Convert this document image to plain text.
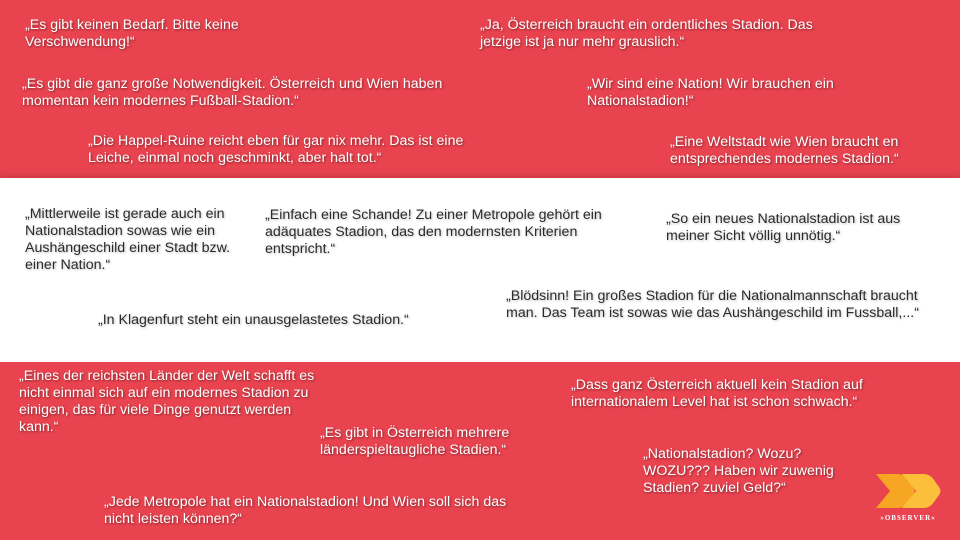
„Es gibt keinen Bedarf. Bitte keine Verschwendung!“
„Ja, Österreich braucht ein ordentliches Stadion. Das jetzige ist ja nur mehr grauslich.“
„Es gibt die ganz große Notwendigkeit. Österreich und Wien haben momentan kein modernes Fußball-Stadion.“
„Wir sind eine Nation! Wir brauchen ein Nationalstadion!“
„Die Happel-Ruine reicht eben für gar nix mehr. Das ist eine Leiche, einmal noch geschminkt, aber halt tot.“
„Eine Weltstadt wie Wien braucht en entsprechendes modernes Stadion.“
„Mittlerweile ist gerade auch ein Nationalstadion sowas wie ein Aushängeschild einer Stadt bzw. einer Nation.“
„Einfach eine Schande! Zu einer Metropole gehört ein adäquates Stadion, das den modernsten Kriterien entspricht.“
„So ein neues Nationalstadion ist aus meiner Sicht völlig unnötig.“
„Blödsinn! Ein großes Stadion für die Nationalmannschaft braucht man. Das Team ist sowas wie das Aushängeschild im Fussball,...“
„In Klagenfurt steht ein unausgelastetes Stadion.“
„Eines der reichsten Länder der Welt schafft es nicht einmal sich auf ein modernes Stadion zu einigen, das für viele Dinge genutzt werden kann.“
„Dass ganz Österreich aktuell kein Stadion auf internationalem Level hat ist schon schwach.“
„Es gibt in Österreich mehrere länderspieltaugliche Stadien.“	„Nationalstadion? Wozu? WOZU??? Haben wir zuwenig Stadien? zuviel Geld?“
„Jede Metropole hat ein Nationalstadion! Und Wien soll sich das nicht leisten können?“	»OBSERVER«
